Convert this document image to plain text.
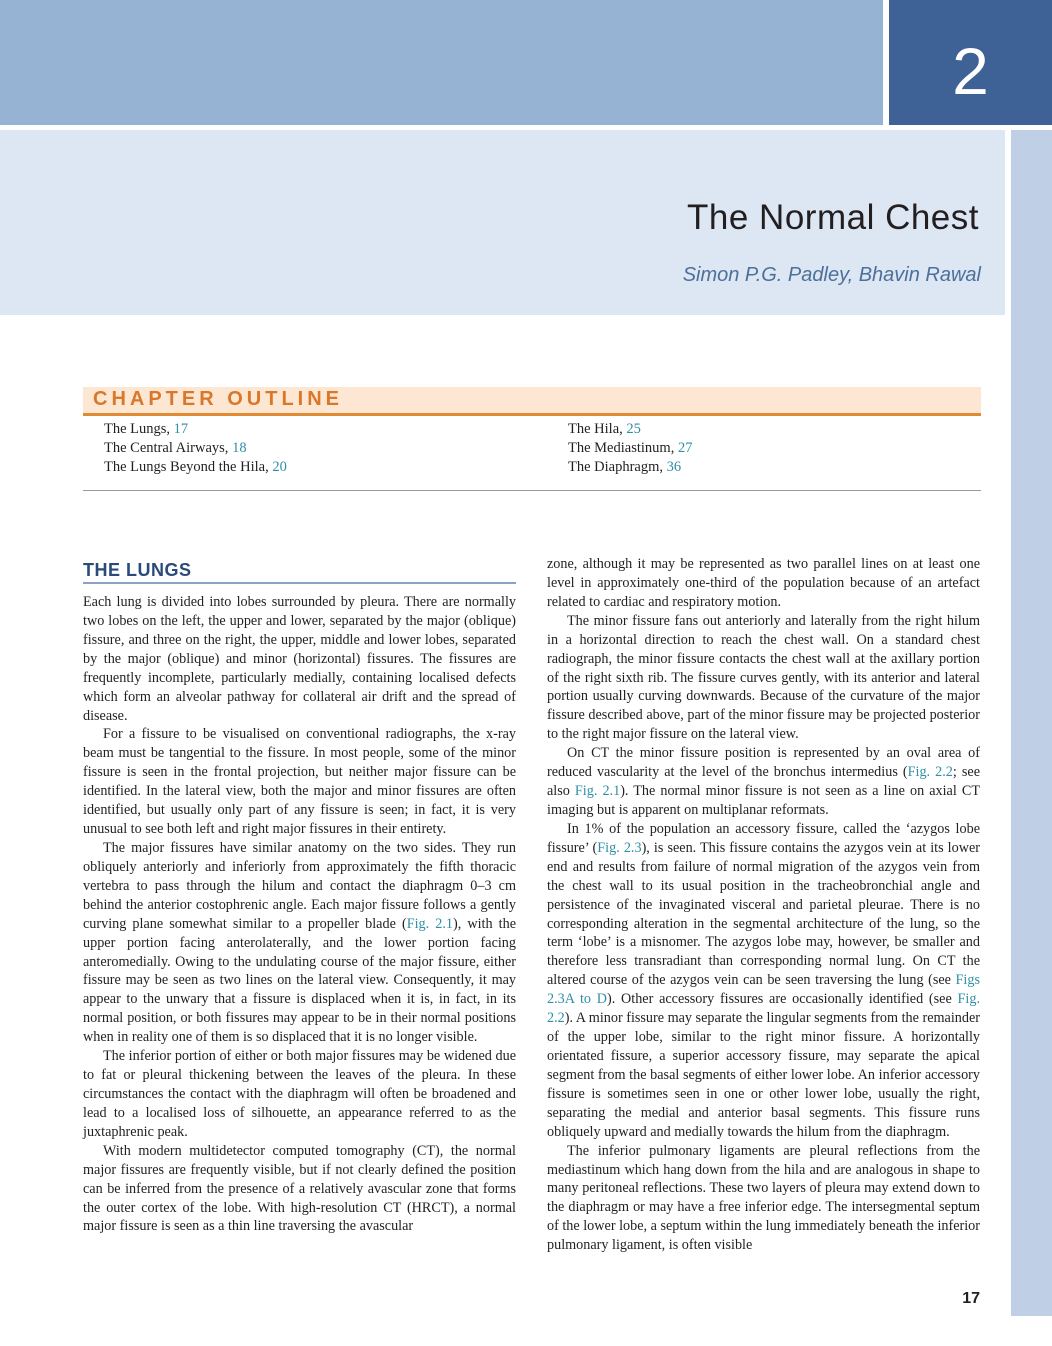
2
The Normal Chest
Simon P.G. Padley, Bhavin Rawal
CHAPTER OUTLINE
The Lungs, 17
The Central Airways, 18
The Lungs Beyond the Hila, 20
The Hila, 25
The Mediastinum, 27
The Diaphragm, 36
THE LUNGS

Each lung is divided into lobes surrounded by pleura. There are normally two lobes on the left, the upper and lower, separated by the major (oblique) fissure, and three on the right, the upper, middle and lower lobes, separated by the major (oblique) and minor (horizontal) fissures. The fissures are frequently incomplete, particularly medially, containing localised defects which form an alveolar pathway for collateral air drift and the spread of disease.

For a fissure to be visualised on conventional radiographs, the x-ray beam must be tangential to the fissure. In most people, some of the minor fissure is seen in the frontal projection, but neither major fissure can be identified. In the lateral view, both the major and minor fissures are often identified, but usually only part of any fissure is seen; in fact, it is very unusual to see both left and right major fissures in their entirety.

The major fissures have similar anatomy on the two sides. They run obliquely anteriorly and inferiorly from approximately the fifth thoracic vertebra to pass through the hilum and contact the diaphragm 0–3 cm behind the anterior costophrenic angle. Each major fissure follows a gently curving plane somewhat similar to a propeller blade (Fig. 2.1), with the upper portion facing anterolaterally, and the lower portion facing anteromedially. Owing to the undulating course of the major fissure, either fissure may be seen as two lines on the lateral view. Consequently, it may appear to the unwary that a fissure is displaced when it is, in fact, in its normal position, or both fissures may appear to be in their normal positions when in reality one of them is so displaced that it is no longer visible.

The inferior portion of either or both major fissures may be widened due to fat or pleural thickening between the leaves of the pleura. In these circumstances the contact with the diaphragm will often be broadened and lead to a localised loss of silhouette, an appearance referred to as the juxtaphrenic peak.

With modern multidetector computed tomography (CT), the normal major fissures are frequently visible, but if not clearly defined the position can be inferred from the presence of a relatively avascular zone that forms the outer cortex of the lobe. With high-resolution CT (HRCT), a normal major fissure is seen as a thin line traversing the avascular

zone, although it may be represented as two parallel lines on at least one level in approximately one-third of the population because of an artefact related to cardiac and respiratory motion.

The minor fissure fans out anteriorly and laterally from the right hilum in a horizontal direction to reach the chest wall. On a standard chest radiograph, the minor fissure contacts the chest wall at the axillary portion of the right sixth rib. The fissure curves gently, with its anterior and lateral portion usually curving downwards. Because of the curvature of the major fissure described above, part of the minor fissure may be projected posterior to the right major fissure on the lateral view.

On CT the minor fissure position is represented by an oval area of reduced vascularity at the level of the bronchus intermedius (Fig. 2.2; see also Fig. 2.1). The normal minor fissure is not seen as a line on axial CT imaging but is apparent on multiplanar reformats.

In 1% of the population an accessory fissure, called the ‘azygos lobe fissure’ (Fig. 2.3), is seen. This fissure contains the azygos vein at its lower end and results from failure of normal migration of the azygos vein from the chest wall to its usual position in the tracheobronchial angle and persistence of the invaginated visceral and parietal pleurae. There is no corresponding alteration in the segmental architecture of the lung, so the term ‘lobe’ is a misnomer. The azygos lobe may, however, be smaller and therefore less transradiant than corresponding normal lung. On CT the altered course of the azygos vein can be seen traversing the lung (see Figs 2.3A to D). Other accessory fissures are occasionally identified (see Fig. 2.2). A minor fissure may separate the lingular segments from the remainder of the upper lobe, similar to the right minor fissure. A horizontally orientated fissure, a superior accessory fissure, may separate the apical segment from the basal segments of either lower lobe. An inferior accessory fissure is sometimes seen in one or other lower lobe, usually the right, separating the medial and anterior basal segments. This fissure runs obliquely upward and medially towards the hilum from the diaphragm.

The inferior pulmonary ligaments are pleural reflections from the mediastinum which hang down from the hila and are analogous in shape to many peritoneal reflections. These two layers of pleura may extend down to the diaphragm or may have a free inferior edge. The intersegmental septum of the lower lobe, a septum within the lung immediately beneath the inferior pulmonary ligament, is often visible

17
